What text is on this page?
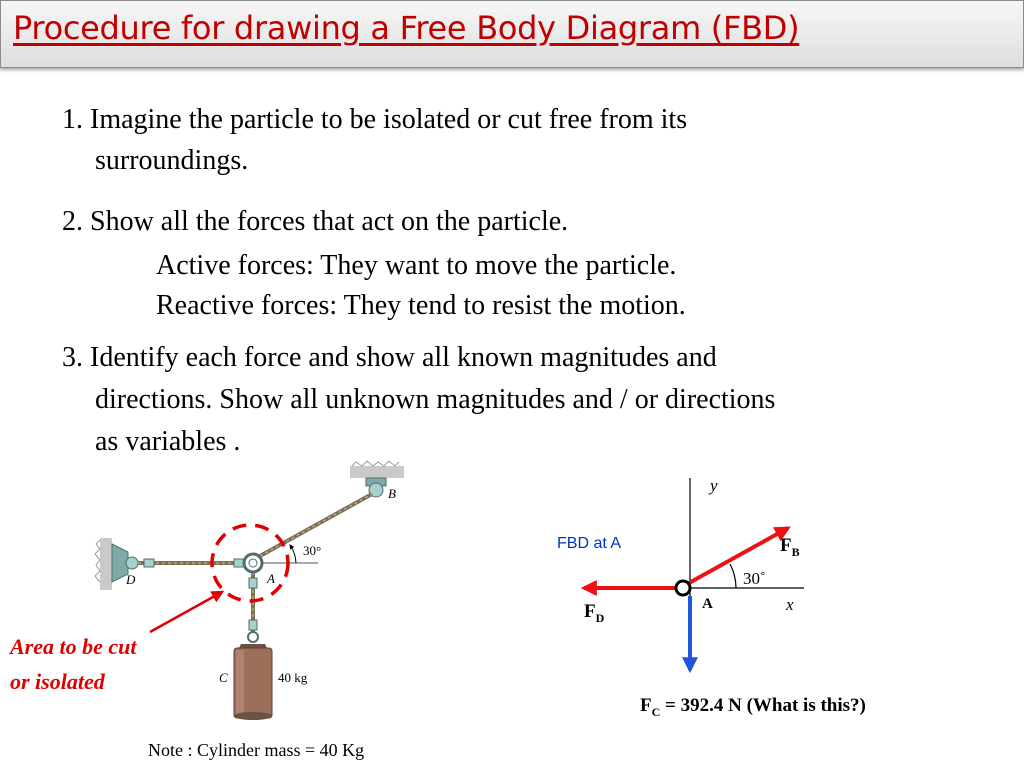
Procedure for drawing a Free Body Diagram (FBD)

1. Imagine the particle to be isolated or cut free from its

surroundings.

2. Show all the forces that act on the particle.

Active forces: They want to move the particle.

Reactive forces: They tend to resist the motion.

3. Identify each force and show all known magnitudes and

directions. Show all unknown magnitudes and / or directions

as variables .

B
D	A
C
30°
40 kg
Area to be cut
or isolated
Note : Cylinder mass = 40 Kg
FBD at A
y
x
A
30˚
$F_B$
$F_D$
$F_C = 392.4$ N (What is this?)
